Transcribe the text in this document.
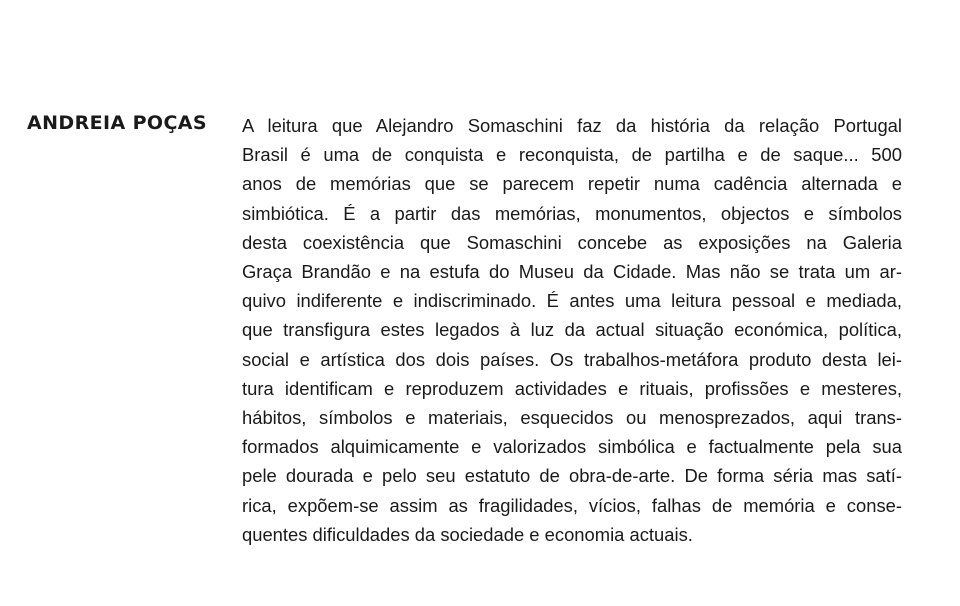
ANDREIA POÇAS A leitura que Alejandro Somaschini faz da história da relação Portugal
Brasil é uma de conquista e reconquista, de partilha e de saque... 500
anos de memórias que se parecem repetir numa cadência alternada e
simbiótica. É a partir das memórias, monumentos, objectos e símbolos
desta coexistência que Somaschini concebe as exposições na Galeria
Graça Brandão e na estufa do Museu da Cidade. Mas não se trata um ar-
quivo indiferente e indiscriminado. É antes uma leitura pessoal e mediada,
que transfigura estes legados à luz da actual situação económica, política,
social e artística dos dois países. Os trabalhos-metáfora produto desta lei-
tura identificam e reproduzem actividades e rituais, profissões e mesteres,
hábitos, símbolos e materiais, esquecidos ou menosprezados, aqui trans-
formados alquimicamente e valorizados simbólica e factualmente pela sua
pele dourada e pelo seu estatuto de obra-de-arte. De forma séria mas satí-
rica, expõem-se assim as fragilidades, vícios, falhas de memória e conse-
quentes dificuldades da sociedade e economia actuais.
